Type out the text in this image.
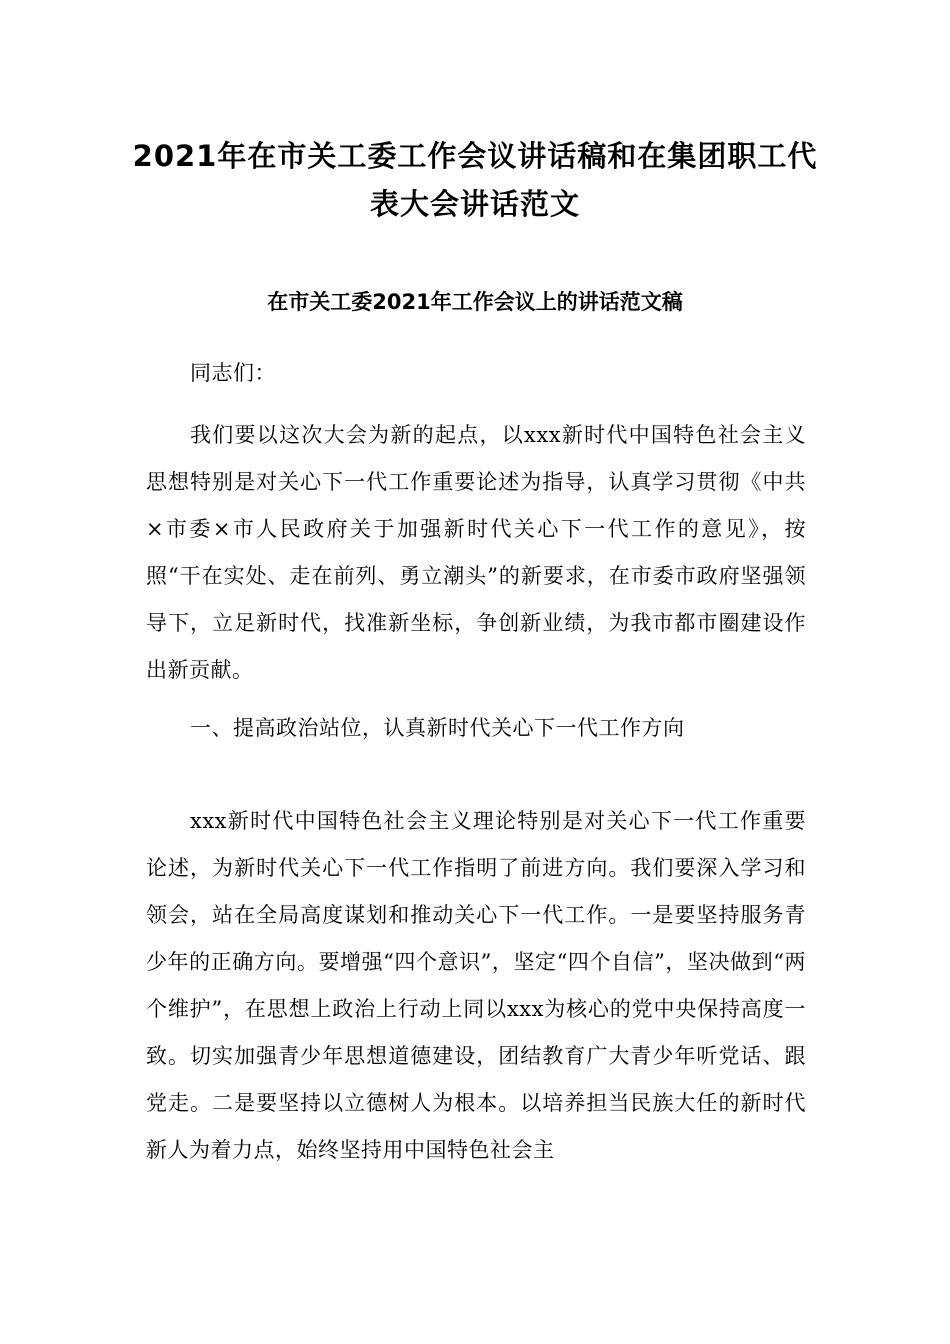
2021年在市关工委工作会议讲话稿和在集团职工代表大会讲话范文
在市关工委2021年工作会议上的讲话范文稿

同志们：

我们要以这次大会为新的起点，以xxx新时代中国特色社会主义思想特别是对关心下一代工作重要论述为指导，认真学习贯彻《中共×市委×市人民政府关于加强新时代关心下一代工作的意见》，按照“干在实处、走在前列、勇立潮头”的新要求，在市委市政府坚强领导下，立足新时代，找准新坐标，争创新业绩，为我市都市圈建设作出新贡献。

一、提高政治站位，认真新时代关心下一代工作方向

xxx新时代中国特色社会主义理论特别是对关心下一代工作重要论述，为新时代关心下一代工作指明了前进方向。我们要深入学习和领会，站在全局高度谋划和推动关心下一代工作。一是要坚持服务青少年的正确方向。要增强“四个意识”，坚定“四个自信”，坚决做到“两个维护”，在思想上政治上行动上同以xxx为核心的党中央保持高度一致。切实加强青少年思想道德建设，团结教育广大青少年听党话、跟党走。二是要坚持以立德树人为根本。以培养担当民族大任的新时代新人为着力点，始终坚持用中国特色社会主
